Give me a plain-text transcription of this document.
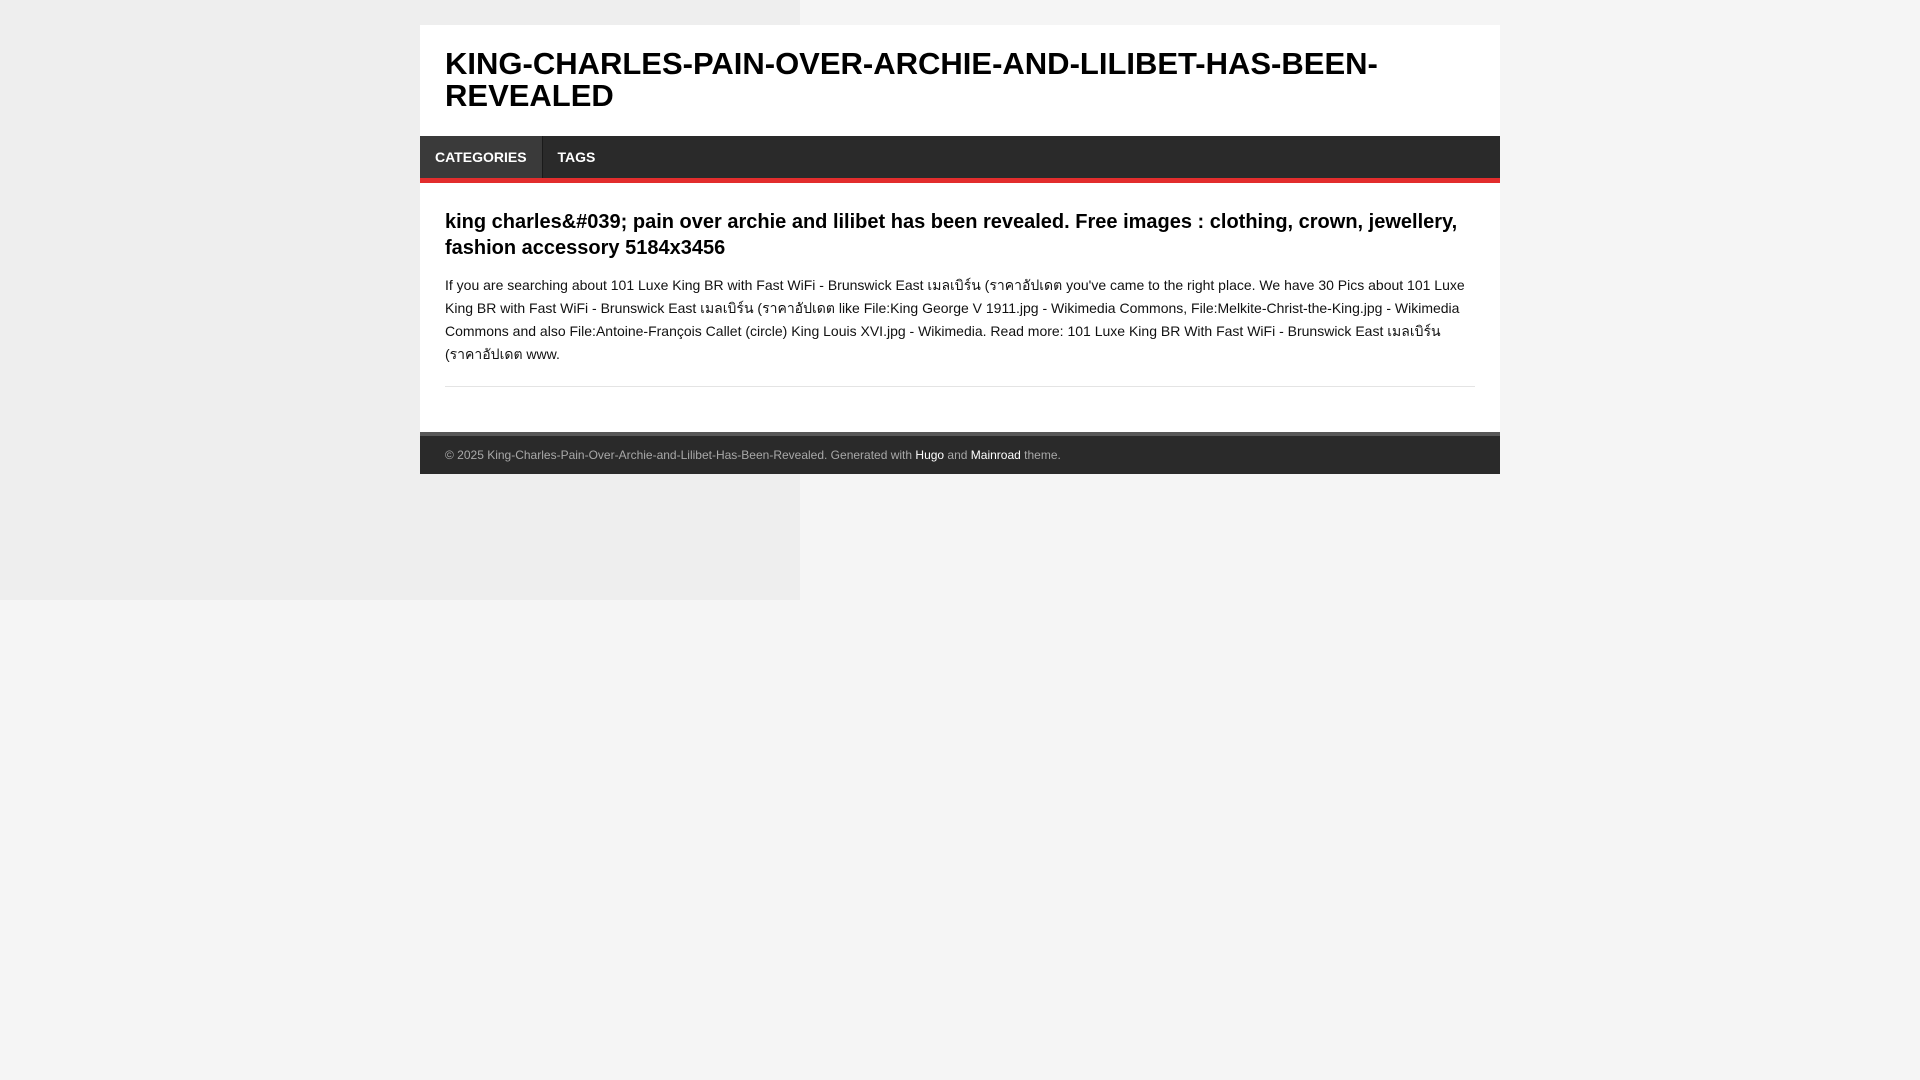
KING-CHARLES-PAIN-OVER-ARCHIE-AND-LILIBET-HAS-BEEN-REVEALED
CATEGORIES	TAGS
king charles&#039; pain over archie and lilibet has been revealed. Free images : clothing, crown, jewellery, fashion accessory 5184x3456

If you are searching about 101 Luxe King BR with Fast WiFi - Brunswick East เมลเบิร์น (ราคาอัปเดต you've came to the right place. We have 30 Pics about 101 Luxe King BR with Fast WiFi - Brunswick East เมลเบิร์น (ราคาอัปเดต like File:King George V 1911.jpg - Wikimedia Commons, File:Melkite-Christ-the-King.jpg - Wikimedia Commons and also File:Antoine-François Callet (circle) King Louis XVI.jpg - Wikimedia. Read more: 101 Luxe King BR With Fast WiFi - Brunswick East เมลเบิร์น (ราคาอัปเดต www.

© 2025 King-Charles-Pain-Over-Archie-and-Lilibet-Has-Been-Revealed. Generated with Hugo and Mainroad theme.
